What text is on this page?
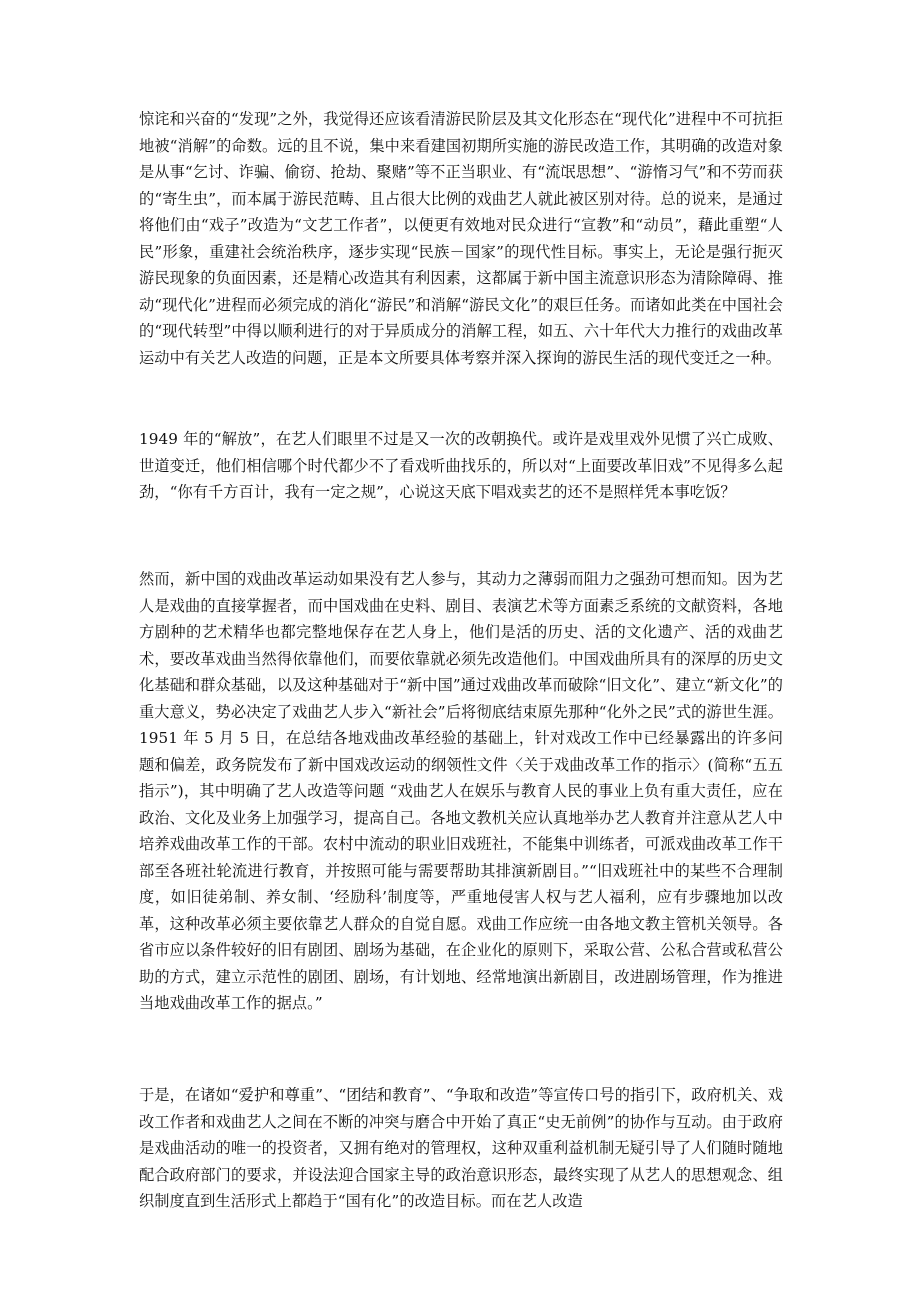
惊诧和兴奋的“发现”之外，我觉得还应该看清游民阶层及其文化形态在“现代化”进程中不可抗拒地被“消解”的命数。远的且不说，集中来看建国初期所实施的游民改造工作，其明确的改造对象是从事“乞讨、诈骗、偷窃、抢劫、聚赌”等不正当职业、有“流氓思想”、“游惰习气”和不劳而获的“寄生虫”，而本属于游民范畴、且占很大比例的戏曲艺人就此被区别对待。总的说来，是通过将他们由“戏子”改造为“文艺工作者”，以便更有效地对民众进行“宣教”和“动员”，藉此重塑“人民”形象，重建社会统治秩序，逐步实现“民族－国家”的现代性目标。事实上，无论是强行扼灭游民现象的负面因素，还是精心改造其有利因素，这都属于新中国主流意识形态为清除障碍、推动“现代化”进程而必须完成的消化“游民”和消解“游民文化”的艰巨任务。而诸如此类在中国社会的“现代转型”中得以顺利进行的对于异质成分的消解工程，如五、六十年代大力推行的戏曲改革运动中有关艺人改造的问题，正是本文所要具体考察并深入探询的游民生活的现代变迁之一种。

1949 年的“解放”，在艺人们眼里不过是又一次的改朝换代。或许是戏里戏外见惯了兴亡成败、世道变迁，他们相信哪个时代都少不了看戏听曲找乐的，所以对“上面要改革旧戏”不见得多么起劲，“你有千方百计，我有一定之规”，心说这天底下唱戏卖艺的还不是照样凭本事吃饭？

然而，新中国的戏曲改革运动如果没有艺人参与，其动力之薄弱而阻力之强劲可想而知。因为艺人是戏曲的直接掌握者，而中国戏曲在史料、剧目、表演艺术等方面素乏系统的文献资料，各地方剧种的艺术精华也都完整地保存在艺人身上，他们是活的历史、活的文化遗产、活的戏曲艺术，要改革戏曲当然得依靠他们，而要依靠就必须先改造他们。中国戏曲所具有的深厚的历史文化基础和群众基础，以及这种基础对于“新中国”通过戏曲改革而破除“旧文化”、建立“新文化”的重大意义，势必决定了戏曲艺人步入“新社会”后将彻底结束原先那种“化外之民”式的游世生涯。1951 年 5 月 5 日，在总结各地戏曲改革经验的基础上，针对戏改工作中已经暴露出的许多问题和偏差，政务院发布了新中国戏改运动的纲领性文件〈关于戏曲改革工作的指示〉(简称“五五指示”)，其中明确了艺人改造等问题 “戏曲艺人在娱乐与教育人民的事业上负有重大责任，应在政治、文化及业务上加强学习，提高自己。各地文教机关应认真地举办艺人教育并注意从艺人中培养戏曲改革工作的干部。农村中流动的职业旧戏班社，不能集中训练者，可派戏曲改革工作干部至各班社轮流进行教育，并按照可能与需要帮助其排演新剧目。”“旧戏班社中的某些不合理制度，如旧徒弟制、养女制、‘经励科’制度等，严重地侵害人权与艺人福利，应有步骤地加以改革，这种改革必须主要依靠艺人群众的自觉自愿。戏曲工作应统一由各地文教主管机关领导。各省市应以条件较好的旧有剧团、剧场为基础，在企业化的原则下，采取公营、公私合营或私营公助的方式，建立示范性的剧团、剧场，有计划地、经常地演出新剧目，改进剧场管理，作为推进当地戏曲改革工作的据点。”

于是，在诸如“爱护和尊重”、“团结和教育”、“争取和改造”等宣传口号的指引下，政府机关、戏改工作者和戏曲艺人之间在不断的冲突与磨合中开始了真正“史无前例”的协作与互动。由于政府是戏曲活动的唯一的投资者，又拥有绝对的管理权，这种双重利益机制无疑引导了人们随时随地配合政府部门的要求，并设法迎合国家主导的政治意识形态，最终实现了从艺人的思想观念、组织制度直到生活形式上都趋于“国有化”的改造目标。而在艺人改造
